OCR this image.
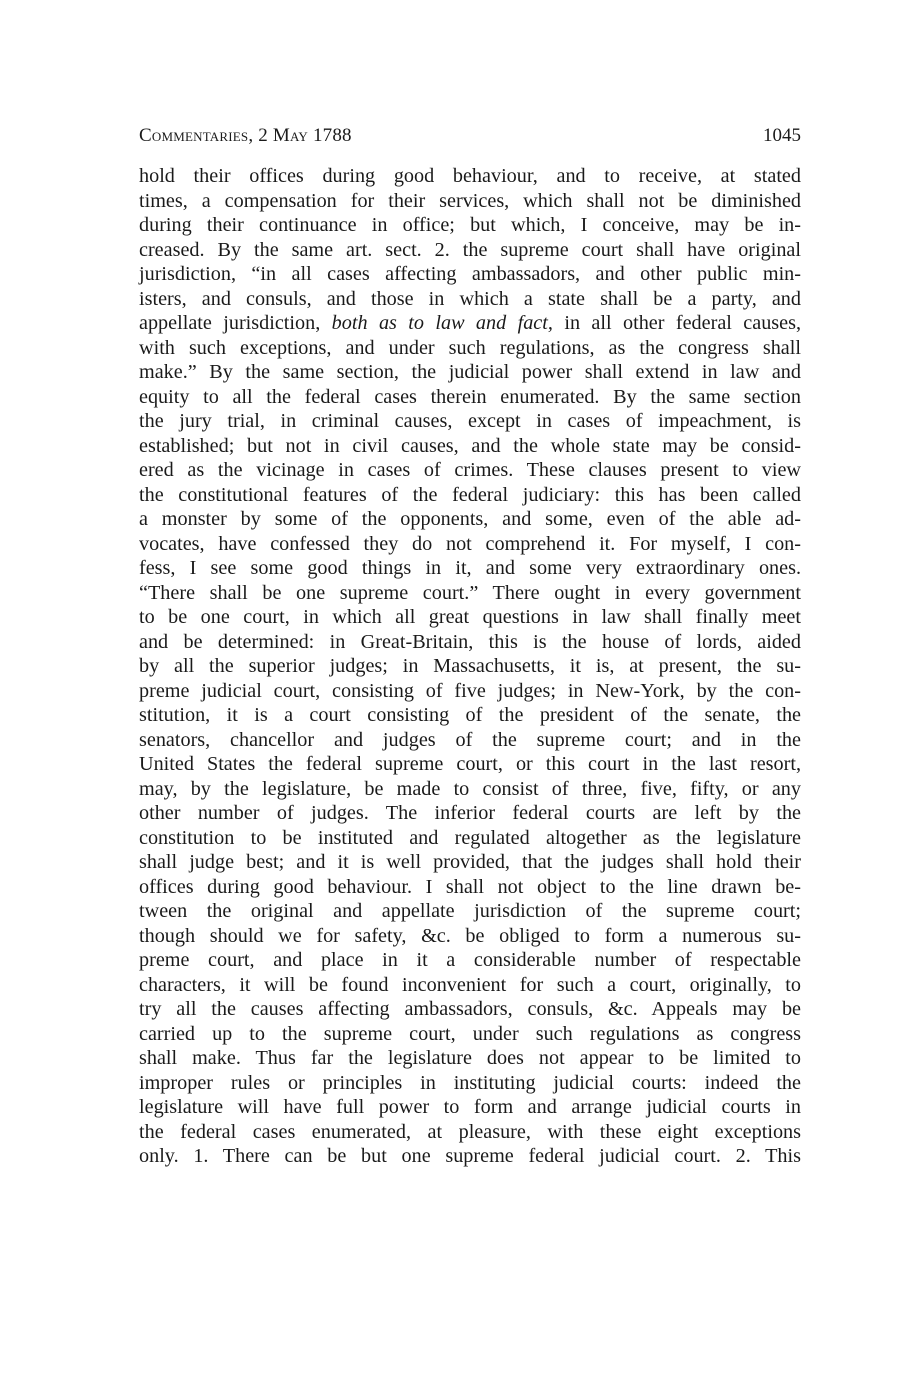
Commentaries, 2 May 1788	1045
hold their offices during good behaviour, and to receive, at stated
times, a compensation for their services, which shall not be diminished
during their continuance in office; but which, I conceive, may be in-
creased. By the same art. sect. 2. the supreme court shall have original
jurisdiction, “in all cases affecting ambassadors, and other public min-
isters, and consuls, and those in which a state shall be a party, and
appellate jurisdiction, both as to law and fact, in all other federal causes,
with such exceptions, and under such regulations, as the congress shall
make.” By the same section, the judicial power shall extend in law and
equity to all the federal cases therein enumerated. By the same section
the jury trial, in criminal causes, except in cases of impeachment, is
established; but not in civil causes, and the whole state may be consid-
ered as the vicinage in cases of crimes. These clauses present to view
the constitutional features of the federal judiciary: this has been called
a monster by some of the opponents, and some, even of the able ad-
vocates, have confessed they do not comprehend it. For myself, I con-
fess, I see some good things in it, and some very extraordinary ones.
“There shall be one supreme court.” There ought in every government
to be one court, in which all great questions in law shall finally meet
and be determined: in Great-Britain, this is the house of lords, aided
by all the superior judges; in Massachusetts, it is, at present, the su-
preme judicial court, consisting of five judges; in New-York, by the con-
stitution, it is a court consisting of the president of the senate, the
senators, chancellor and judges of the supreme court; and in the
United States the federal supreme court, or this court in the last resort,
may, by the legislature, be made to consist of three, five, fifty, or any
other number of judges. The inferior federal courts are left by the
constitution to be instituted and regulated altogether as the legislature
shall judge best; and it is well provided, that the judges shall hold their
offices during good behaviour. I shall not object to the line drawn be-
tween the original and appellate jurisdiction of the supreme court;
though should we for safety, &c. be obliged to form a numerous su-
preme court, and place in it a considerable number of respectable
characters, it will be found inconvenient for such a court, originally, to
try all the causes affecting ambassadors, consuls, &c. Appeals may be
carried up to the supreme court, under such regulations as congress
shall make. Thus far the legislature does not appear to be limited to
improper rules or principles in instituting judicial courts: indeed the
legislature will have full power to form and arrange judicial courts in
the federal cases enumerated, at pleasure, with these eight exceptions
only. 1. There can be but one supreme federal judicial court. 2. This
